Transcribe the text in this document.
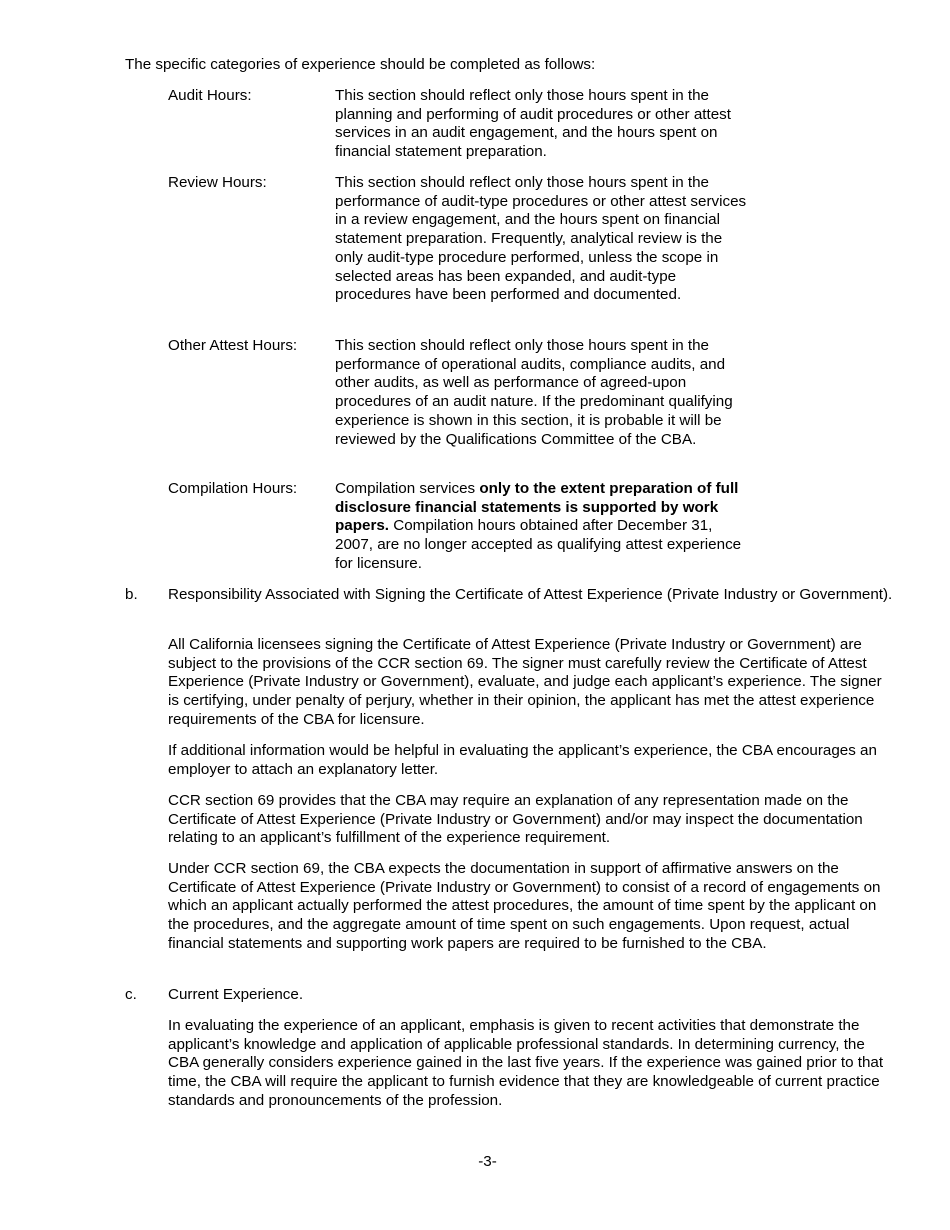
The specific categories of experience should be completed as follows:

Audit Hours:	This section should reflect only those hours spent in the planning and performing of audit procedures or other attest services in an audit engagement, and the hours spent on financial statement preparation.

Review Hours:	This section should reflect only those hours spent in the performance of audit-type procedures or other attest services in a review engagement, and the hours spent on financial statement preparation. Frequently, analytical review is the only audit-type procedure performed, unless the scope in selected areas has been expanded, and audit-type procedures have been performed and documented.

Other Attest Hours:	This section should reflect only those hours spent in the performance of operational audits, compliance audits, and other audits, as well as performance of agreed-upon procedures of an audit nature. If the predominant qualifying experience is shown in this section, it is probable it will be reviewed by the Qualifications Committee of the CBA.

Compilation Hours:	Compilation services only to the extent preparation of full disclosure financial statements is supported by work papers. Compilation hours obtained after December 31, 2007, are no longer accepted as qualifying attest experience for licensure.

b.	Responsibility Associated with Signing the Certificate of Attest Experience (Private Industry or Government).

All California licensees signing the Certificate of Attest Experience (Private Industry or Government) are subject to the provisions of the CCR section 69. The signer must carefully review the Certificate of Attest Experience (Private Industry or Government), evaluate, and judge each applicant’s experience. The signer is certifying, under penalty of perjury, whether in their opinion, the applicant has met the attest experience requirements of the CBA for licensure.

If additional information would be helpful in evaluating the applicant’s experience, the CBA encourages an employer to attach an explanatory letter.

CCR section 69 provides that the CBA may require an explanation of any representation made on the Certificate of Attest Experience (Private Industry or Government) and/or may inspect the documentation relating to an applicant’s fulfillment of the experience requirement.

Under CCR section 69, the CBA expects the documentation in support of affirmative answers on the Certificate of Attest Experience (Private Industry or Government) to consist of a record of engagements on which an applicant actually performed the attest procedures, the amount of time spent by the applicant on the procedures, and the aggregate amount of time spent on such engagements. Upon request, actual financial statements and supporting work papers are required to be furnished to the CBA.

c.	Current Experience.

In evaluating the experience of an applicant, emphasis is given to recent activities that demonstrate the applicant’s knowledge and application of applicable professional standards. In determining currency, the CBA generally considers experience gained in the last five years. If the experience was gained prior to that time, the CBA will require the applicant to furnish evidence that they are knowledgeable of current practice standards and pronouncements of the profession.

-3-
